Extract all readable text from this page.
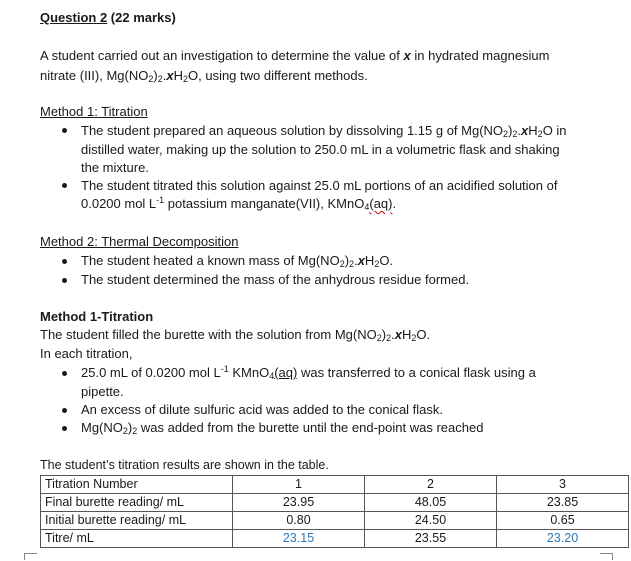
Question 2 (22 marks)
A student carried out an investigation to determine the value of x in hydrated magnesium
nitrate (III), $Mg(NO_2)_2.xH_2O$, using two different methods.
Method 1: Titration
The student prepared an aqueous solution by dissolving 1.15 g of $Mg(NO_2)_2.xH_2O$ in
distilled water, making up the solution to 250.0 mL in a volumetric flask and shaking
the mixture.
The student titrated this solution against 25.0 mL portions of an acidified solution of
0.0200 mol $L^{-1}$ potassium manganate(VII), KMnO$_4$(aq).
Method 2: Thermal Decomposition
The student heated a known mass of $Mg(NO_2)_2.xH_2O$.
The student determined the mass of the anhydrous residue formed.
Method 1-Titration
The student filled the burette with the solution from $Mg(NO_2)_2.xH_2O$.
In each titration,
25.0 mL of 0.0200 mol $L^{-1}$ KMnO$_4$(aq) was transferred to a conical flask using a
pipette.
An excess of dilute sulfuric acid was added to the conical flask.
$Mg(NO_2)_2$ was added from the burette until the end-point was reached
The student’s titration results are shown in the table.
Titration Number	1	2	3
Final burette reading/ mL	23.95	48.05	23.85
Initial burette reading/ mL	0.80	24.50	0.65
Titre/ mL	23.15	23.55	23.20
